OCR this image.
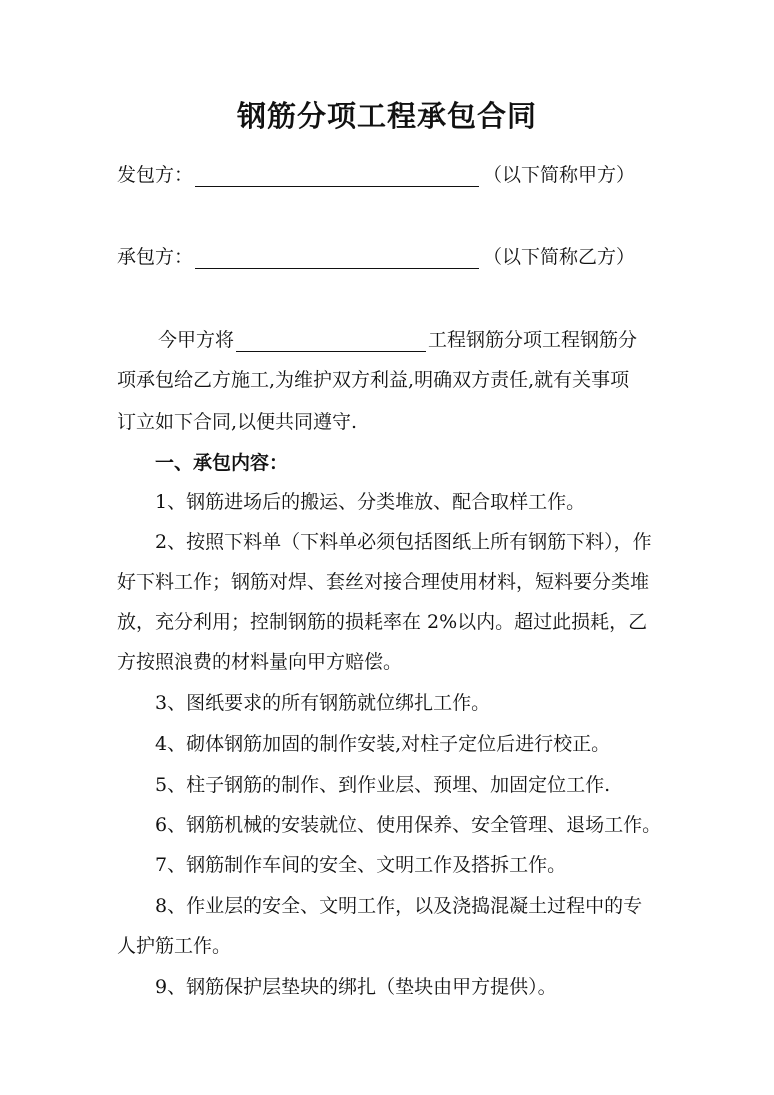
钢筋分项工程承包合同
发包方：	（以下简称甲方）
承包方：	（以下简称乙方）
今甲方将	工程钢筋分项工程钢筋分
项承包给乙方施工,为维护双方利益,明确双方责任,就有关事项
订立如下合同,以便共同遵守.
一、承包内容：
1、钢筋进场后的搬运、分类堆放、配合取样工作。
2、按照下料单（下料单必须包括图纸上所有钢筋下料），作
好下料工作；钢筋对焊、套丝对接合理使用材料，短料要分类堆
放，充分利用；控制钢筋的损耗率在 2%以内。超过此损耗，乙
方按照浪费的材料量向甲方赔偿。
3、图纸要求的所有钢筋就位绑扎工作。
4、砌体钢筋加固的制作安装,对柱子定位后进行校正。
5、柱子钢筋的制作、到作业层、预埋、加固定位工作.
6、钢筋机械的安装就位、使用保养、安全管理、退场工作。
7、钢筋制作车间的安全、文明工作及搭拆工作。
8、作业层的安全、文明工作，以及浇捣混凝土过程中的专
人护筋工作。
9、钢筋保护层垫块的绑扎（垫块由甲方提供）。
